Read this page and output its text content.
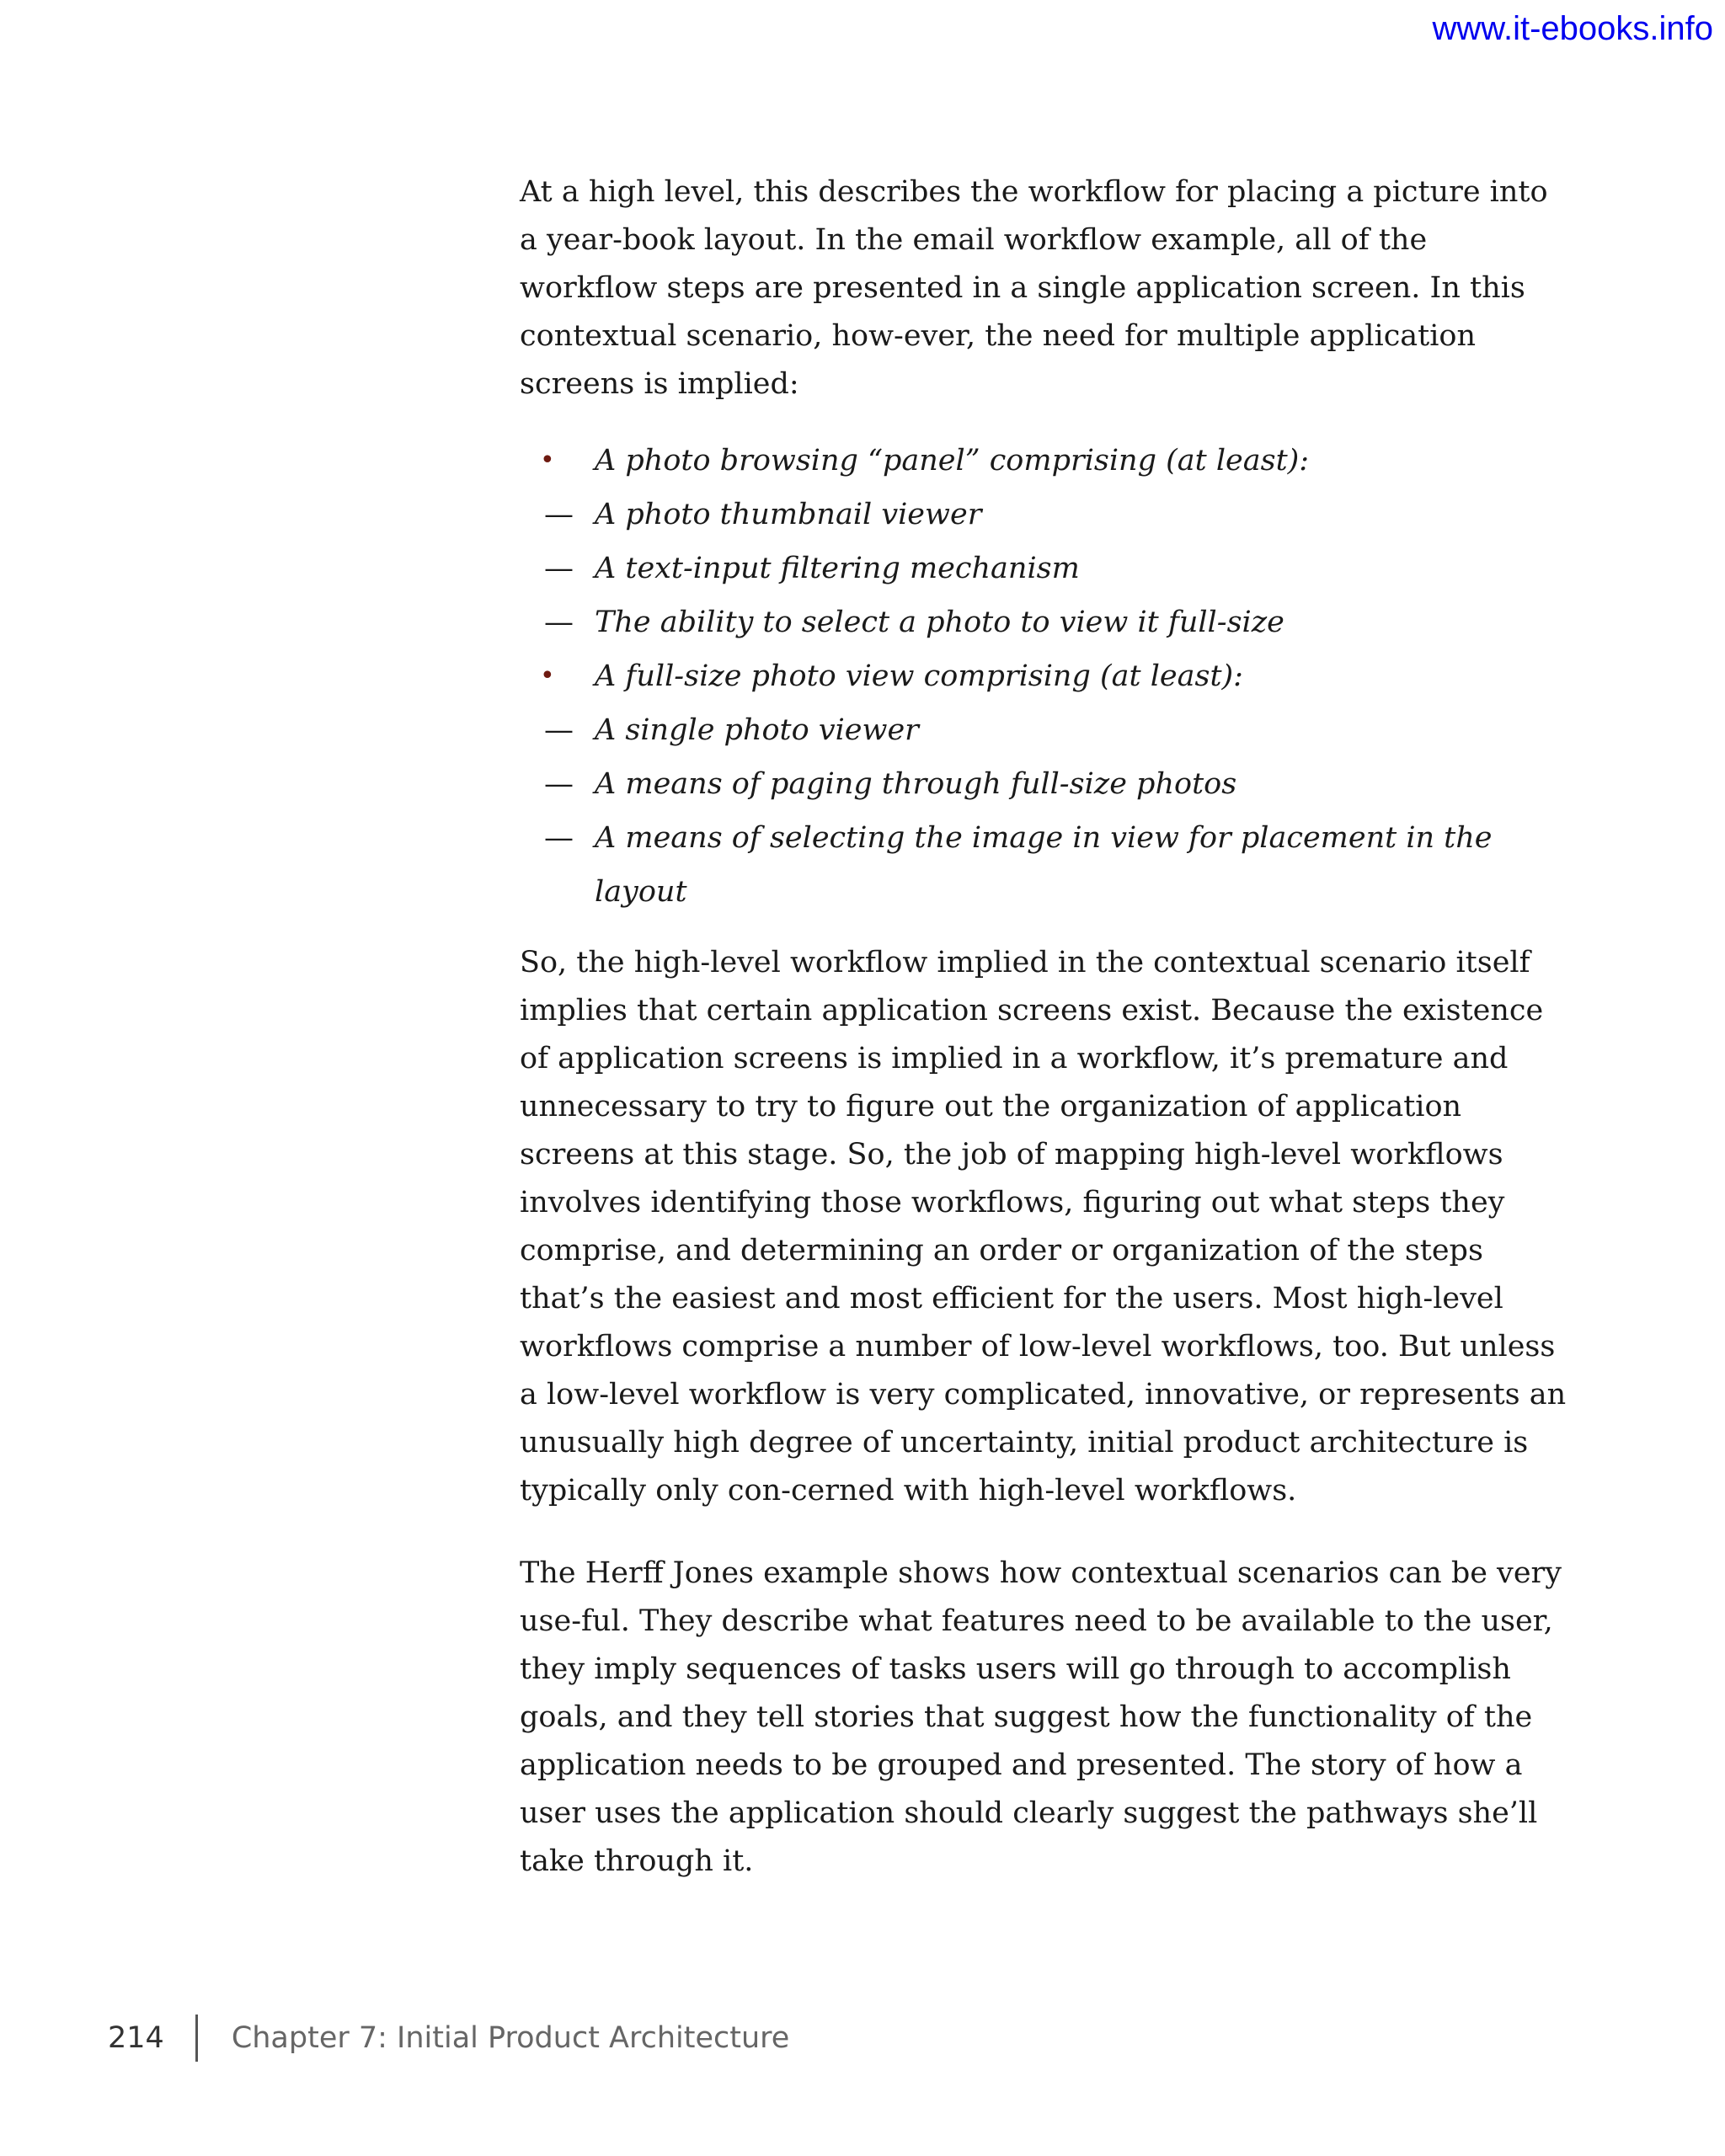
www.it-ebooks.info

At a high level, this describes the workflow for placing a picture into a year-book layout. In the email workflow example, all of the workflow steps are presented in a single application screen. In this contextual scenario, how-ever, the need for multiple application screens is implied:

• A photo browsing “panel” comprising (at least):
— A photo thumbnail viewer
— A text-input filtering mechanism
— The ability to select a photo to view it full-size
• A full-size photo view comprising (at least):
— A single photo viewer
— A means of paging through full-size photos
— A means of selecting the image in view for placement in the layout

So, the high-level workflow implied in the contextual scenario itself implies that certain application screens exist. Because the existence of application screens is implied in a workflow, it’s premature and unnecessary to try to figure out the organization of application screens at this stage. So, the job of mapping high-level workflows involves identifying those workflows, figuring out what steps they comprise, and determining an order or organization of the steps that’s the easiest and most efficient for the users. Most high-level workflows comprise a number of low-level workflows, too. But unless a low-level workflow is very complicated, innovative, or represents an unusually high degree of uncertainty, initial product architecture is typically only con-cerned with high-level workflows.

The Herff Jones example shows how contextual scenarios can be very use-ful. They describe what features need to be available to the user, they imply sequences of tasks users will go through to accomplish goals, and they tell stories that suggest how the functionality of the application needs to be grouped and presented. The story of how a user uses the application should clearly suggest the pathways she’ll take through it.

214 Chapter 7: Initial Product Architecture
